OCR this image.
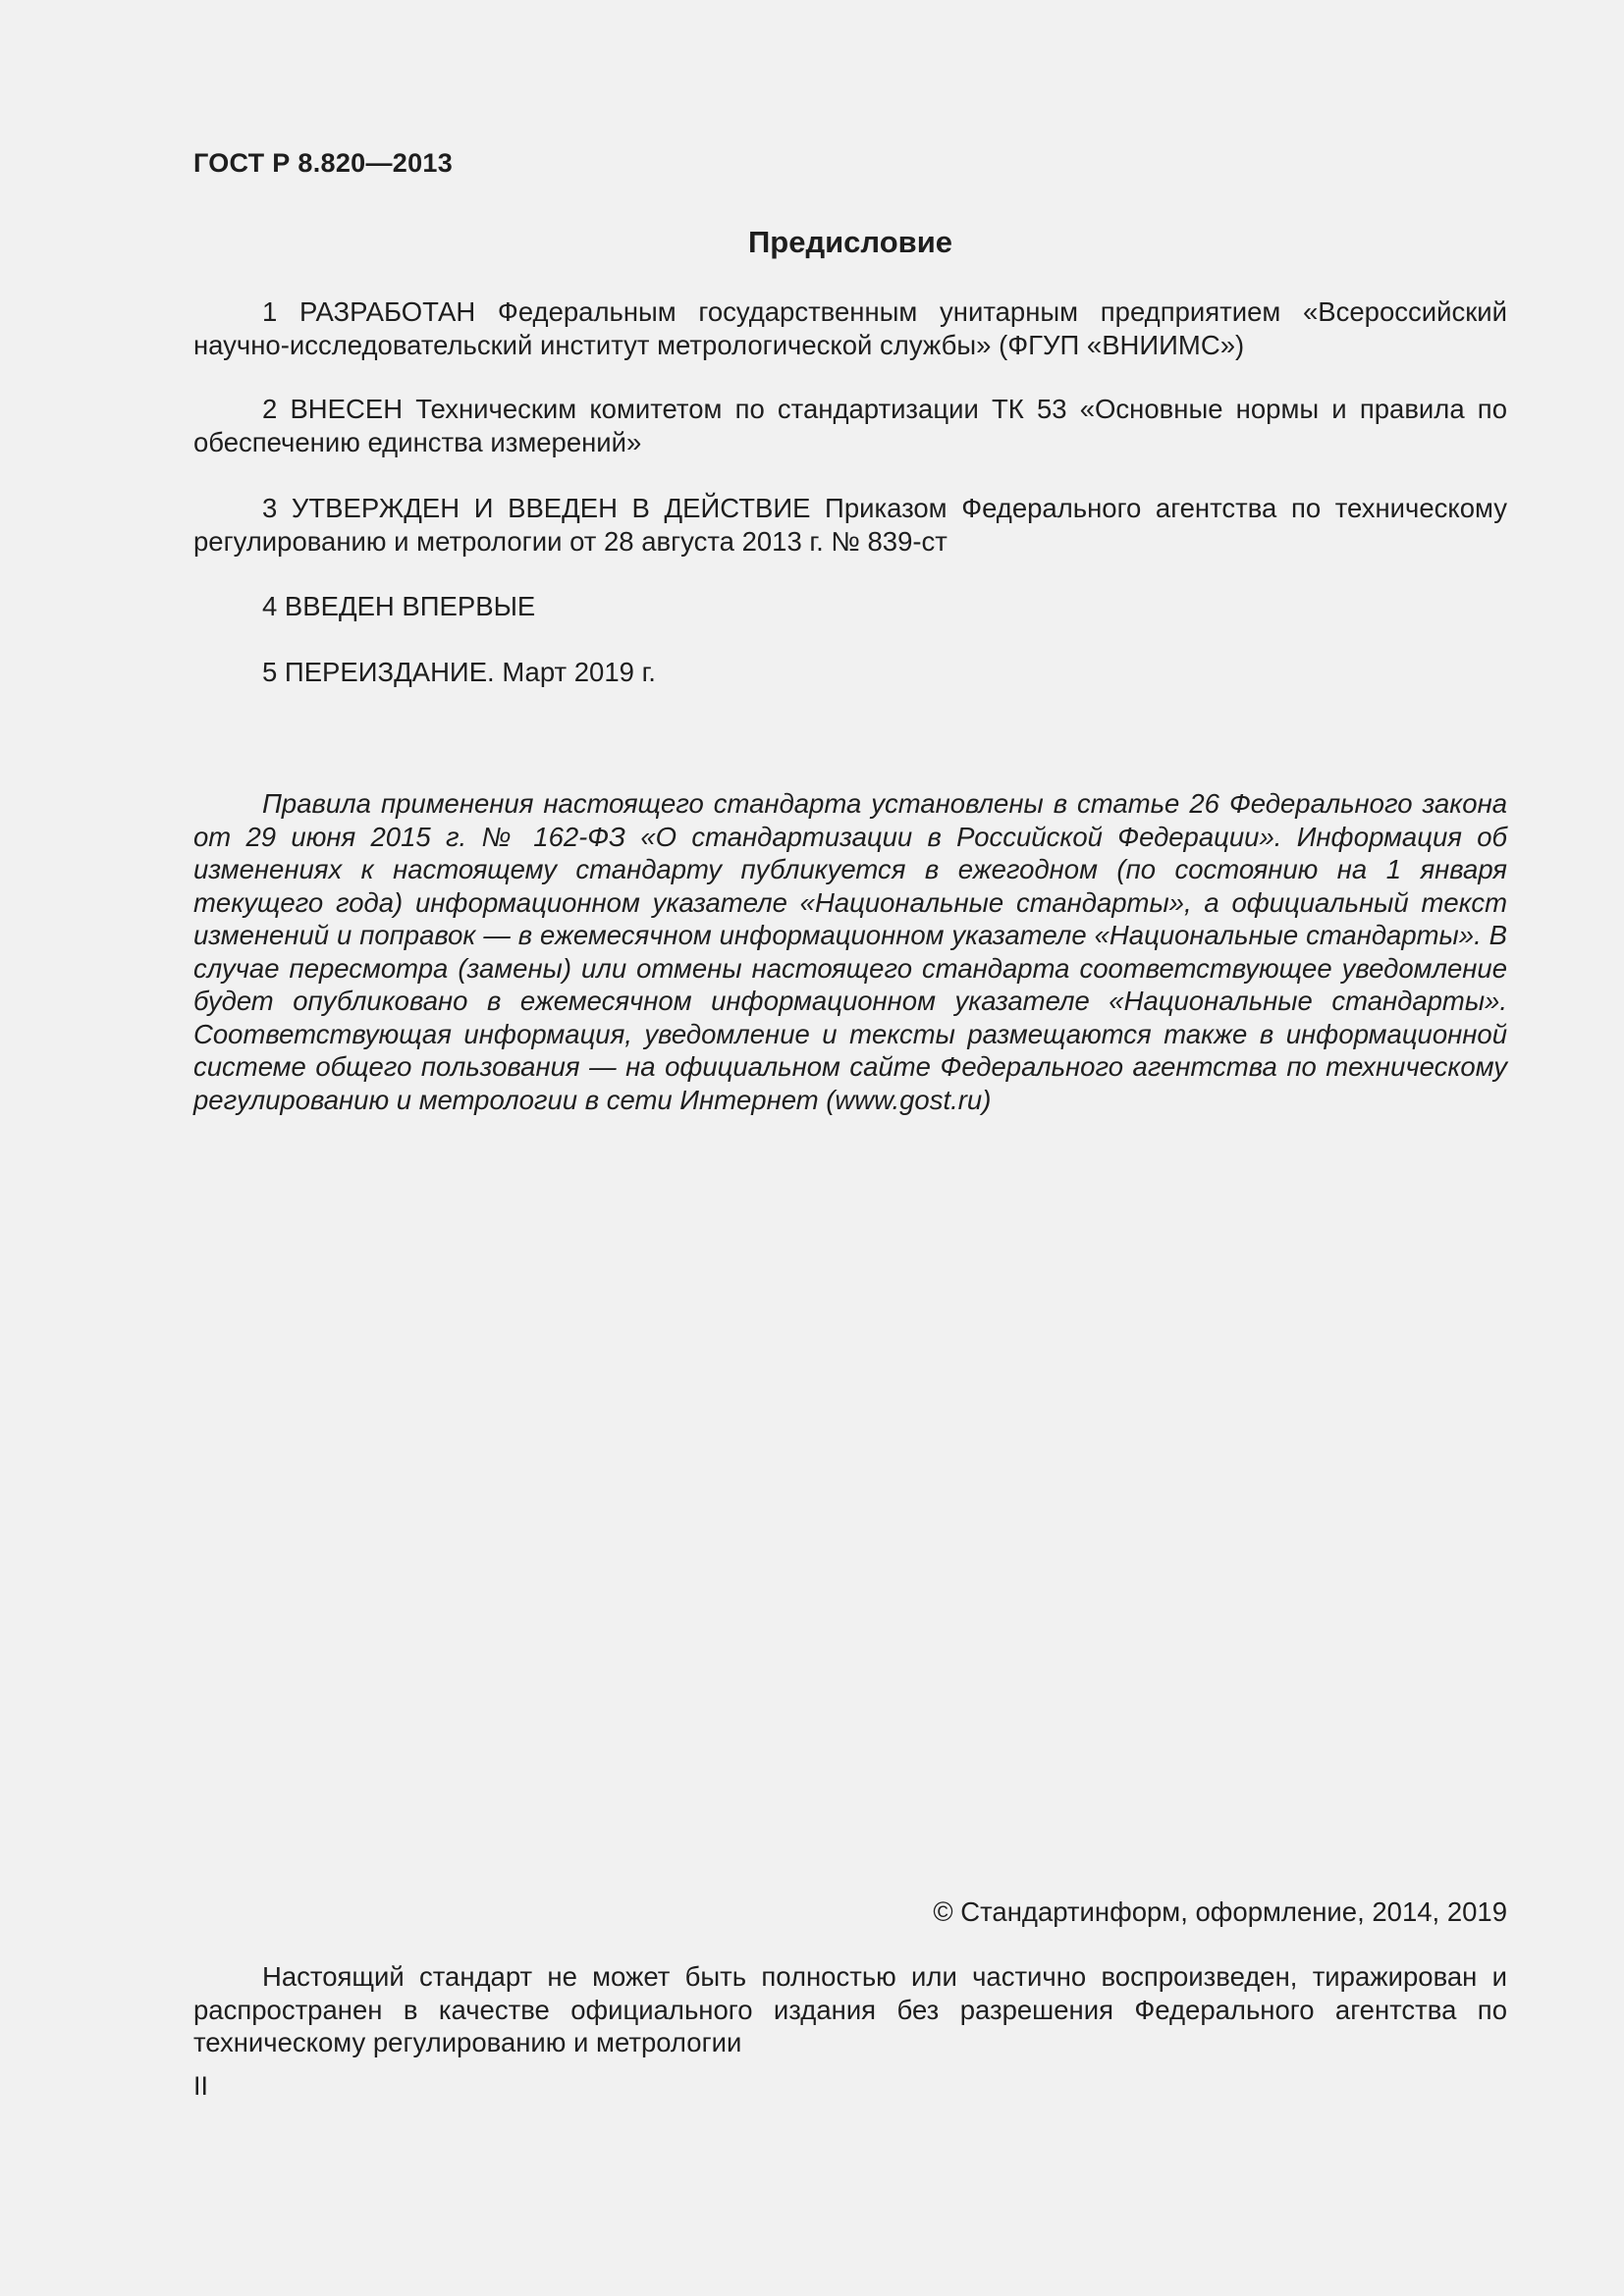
ГОСТ Р 8.820—2013
Предисловие

1 РАЗРАБОТАН Федеральным государственным унитарным предприятием «Всероссийский научно-исследовательский институт метрологической службы» (ФГУП «ВНИИМС»)

2 ВНЕСЕН Техническим комитетом по стандартизации ТК 53 «Основные нормы и правила по обеспечению единства измерений»

3 УТВЕРЖДЕН И ВВЕДЕН В ДЕЙСТВИЕ Приказом Федерального агентства по техническому регулированию и метрологии от 28 августа 2013 г. № 839-ст

4 ВВЕДЕН ВПЕРВЫЕ

5 ПЕРЕИЗДАНИЕ. Март 2019 г.

Правила применения настоящего стандарта установлены в статье 26 Федерального закона от 29 июня 2015 г. № 162-ФЗ «О стандартизации в Российской Федерации». Информация об изменениях к настоящему стандарту публикуется в ежегодном (по состоянию на 1 января текущего года) информационном указателе «Национальные стандарты», а официальный текст изменений и поправок — в ежемесячном информационном указателе «Национальные стандарты». В случае пересмотра (замены) или отмены настоящего стандарта соответствующее уведомление будет опубликовано в ежемесячном информационном указателе «Национальные стандарты». Соответствующая информация, уведомление и тексты размещаются также в информационной системе общего пользования — на официальном сайте Федерального агентства по техническому регулированию и метрологии в сети Интернет (www.gost.ru)

© Стандартинформ, оформление, 2014, 2019

Настоящий стандарт не может быть полностью или частично воспроизведен, тиражирован и распространен в качестве официального издания без разрешения Федерального агентства по техническому регулированию и метрологии

II
